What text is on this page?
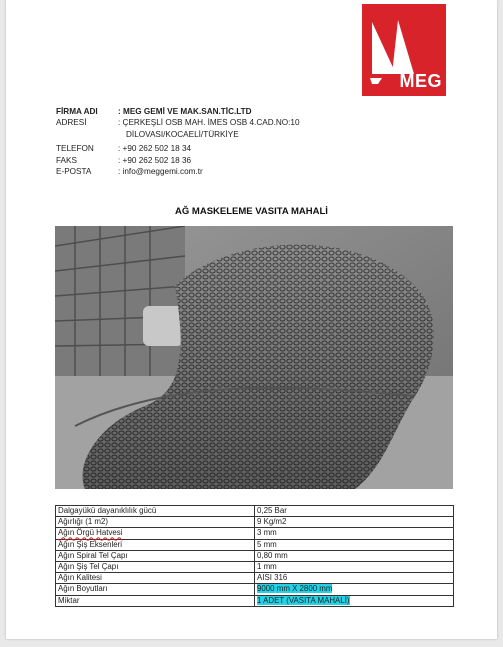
MEG
FİRMA ADI	: MEG GEMİ VE MAK.SAN.TİC.LTD
ADRESİ	: ÇERKEŞLİ OSB MAH. İMES OSB 4.CAD.NO:10
DİLOVASI/KOCAELİ/TÜRKİYE
TELEFON	: +90 262 502 18 34
FAKS	: +90 262 502 18 36
E-POSTA	: info@meggemi.com.tr
AĞ MASKELEME VASITA MAHALİ
Dalgayükü dayanıklılık gücü	0,25 Bar
Ağırlığı (1 m2)	9 Kg/m2
Ağın Örgü Hatvesi	3 mm
Ağın Şiş Eksenleri	5 mm
Ağın Spiral Tel Çapı	0,80 mm
Ağın Şiş Tel Çapı	1 mm
Ağın Kalitesi	AISI 316
Ağın Boyutları	9000 mm X 2800 mm
Miktar	1 ADET (VASITA MAHALİ)
